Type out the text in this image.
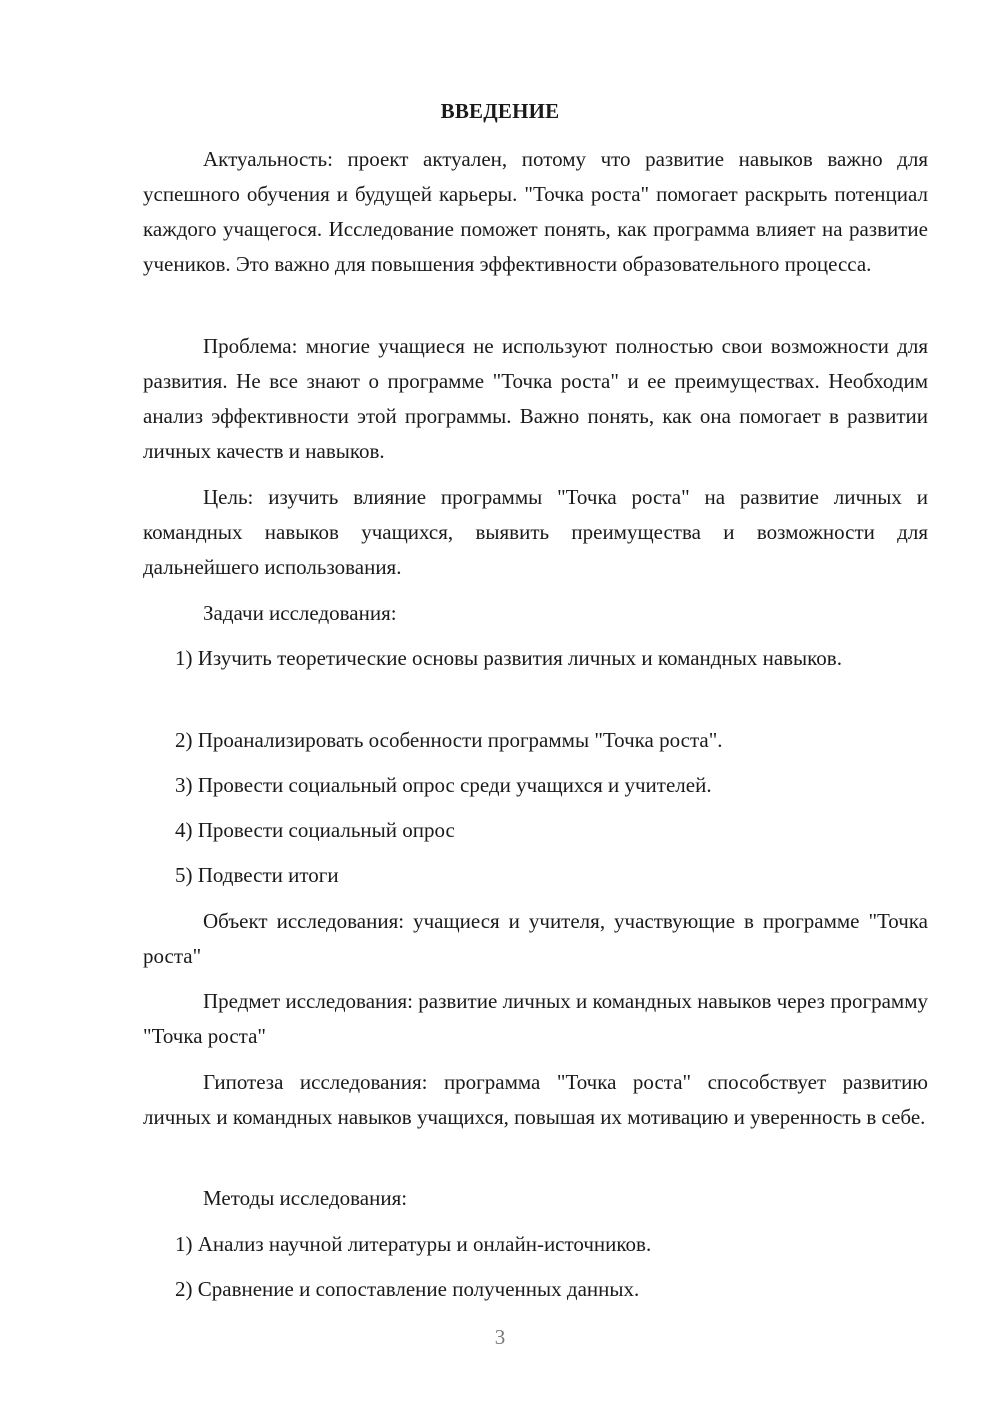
ВВЕДЕНИЕ

Актуальность: проект актуален, потому что развитие навыков важно для успешного обучения и будущей карьеры. "Точка роста" помогает раскрыть потенциал каждого учащегося. Исследование поможет понять, как программа влияет на развитие учеников. Это важно для повышения эффективности образовательного процесса.

Проблема: многие учащиеся не используют полностью свои возможности для развития. Не все знают о программе "Точка роста" и ее преимуществах. Необходим анализ эффективности этой программы. Важно понять, как она помогает в развитии личных качеств и навыков.

Цель: изучить влияние программы "Точка роста" на развитие личных и командных навыков учащихся, выявить преимущества и возможности для дальнейшего использования.

Задачи исследования:

1) Изучить теоретические основы развития личных и командных навыков.

2) Проанализировать особенности программы "Точка роста".

3) Провести социальный опрос среди учащихся и учителей.

4) Провести социальный опрос

5) Подвести итоги

Объект исследования: учащиеся и учителя, участвующие в программе "Точка роста"

Предмет исследования: развитие личных и командных навыков через программу "Точка роста"

Гипотеза исследования: программа "Точка роста" способствует развитию личных и командных навыков учащихся, повышая их мотивацию и уверенность в себе.

Методы исследования:

1) Анализ научной литературы и онлайн-источников.

2) Сравнение и сопоставление полученных данных.

3
